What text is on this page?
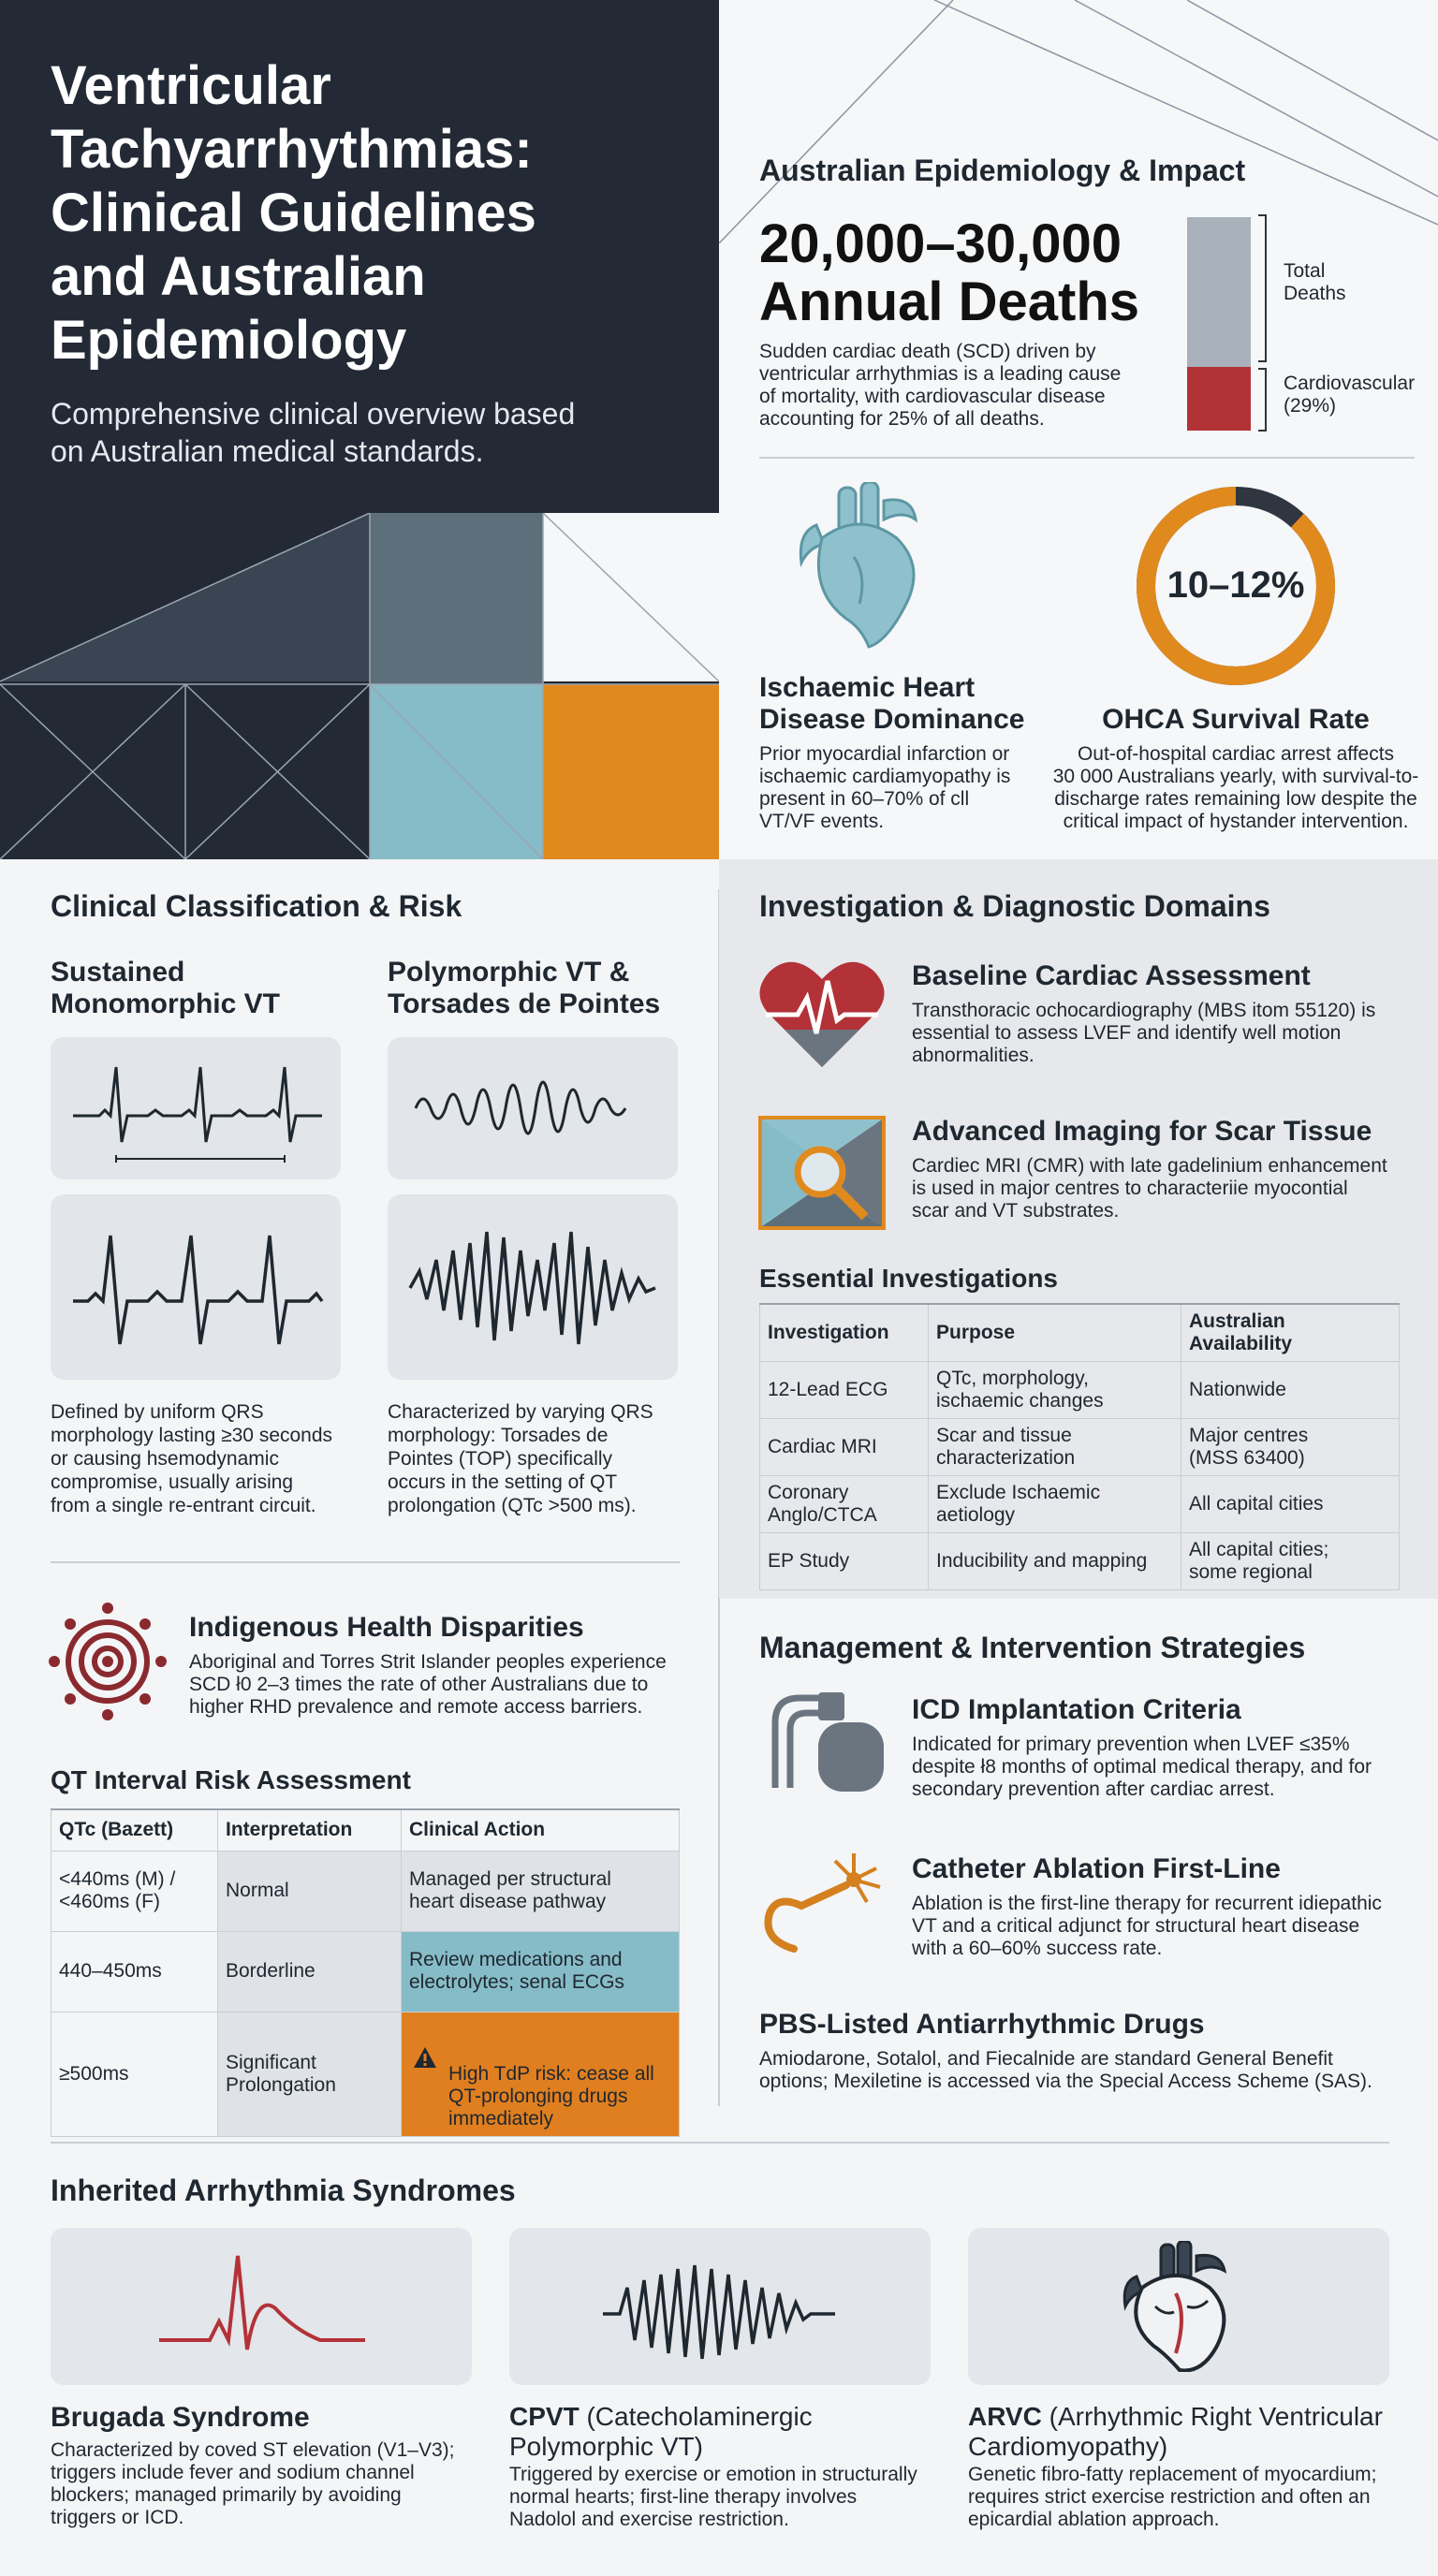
Ventricular
Tachyarrhythmias:
Clinical Guidelines
and Australian
Epidemiology
Comprehensive clinical overview based
on Australian medical standards.
Australian Epidemiology & Impact
20,000–30,000
Annual Deaths
Sudden cardiac death (SCD) driven by
ventricular arrhythmias is a leading cause
of mortality, with cardiovascular disease
accounting for 25% of all deaths.
Total
Deaths
Cardiovascular
(29%)
Ischaemic Heart
Disease Dominance
Prior myocardial infarction or
ischaemic cardiamyopathy is
present in 60–70% of cll
VT/VF events.
10–12%
OHCA Survival Rate
Out-of-hospital cardiac arrest affects
30 000 Australians yearly, with survival-to-
discharge rates remaining low despite the
critical impact of hystander intervention.
Clinical Classification & Risk
Sustained
Monomorphic VT
Polymorphic VT &
Torsades de Pointes
Defined by uniform QRS
morphology lasting ≥30 seconds
or causing hsemodynamic
compromise, usually arising
from a single re-entrant circuit.
Characterized by varying QRS
morphology: Torsades de
Pointes (TOP) specifically
occurs in the setting of QT
prolongation (QTc >500 ms).
Indigenous Health Disparities
Aboriginal and Torres Strit Islander peoples experience
SCD ł0 2–3 times the rate of other Australians due to
higher RHD prevalence and remote access barriers.
QT Interval Risk Assessment
QTc (Bazett)	Interpretation	Clinical Action
<440ms (M) /
<460ms (F)	Normal	Managed per structural
heart disease pathway
440–450ms	Borderline	Review medications and
electrolytes; senal ECGs
≥500ms	Significant
Prolongation	High TdP risk: cease all
QT-prolonging drugs
immediately

Investigation & Diagnostic Domains
Baseline Cardiac Assessment
Transthoracic ochocardiography (MBS itom 55120) is
essential to assess LVEF and identify well motion
abnormalities.
Advanced Imaging for Scar Tissue
Cardiec MRI (CMR) with late gadelinium enhancement
is used in major centres to characteriie myocontial
scar and VT substrates.
Essential Investigations
Investigation	Purpose	Australian Availability
12-Lead ECG	QTc, morphology,
ischaemic changes	Nationwide
Cardiac MRI	Scar and tissue
characterization	Major centres
(MSS 63400)
Coronary
Anglo/CTCA	Exclude Ischaemic
aetiology	All capital cities
EP Study	Inducibility and mapping	All capital cities;
some regional
Management & Intervention Strategies
ICD Implantation Criteria
Indicated for primary prevention when LVEF ≤35%
despite ł8 months of optimal medical therapy, and for
secondary prevention after cardiac arrest.
Catheter Ablation First-Line
Ablation is the first-line therapy for recurrent idiepathic
VT and a critical adjunct for structural heart disease
with a 60–60% success rate.
PBS-Listed Antiarrhythmic Drugs
Amiodarone, Sotalol, and Fiecalnide are standard General Benefit
options; Mexiletine is accessed via the Special Access Scheme (SAS).
Inherited Arrhythmia Syndromes
Brugada Syndrome
Characterized by coved ST elevation (V1–V3);
triggers include fever and sodium channel
blockers; managed primarily by avoiding
triggers or ICD.
CPVT (Catecholaminergic
Polymorphic VT)
Triggered by exercise or emotion in structurally
normal hearts; first-line therapy involves
Nadolol and exercise restriction.
ARVC (Arrhythmic Right Ventricular
Cardiomyopathy)
Genetic fibro-fatty replacement of myocardium;
requires strict exercise restriction and often an
epicardial ablation approach.
